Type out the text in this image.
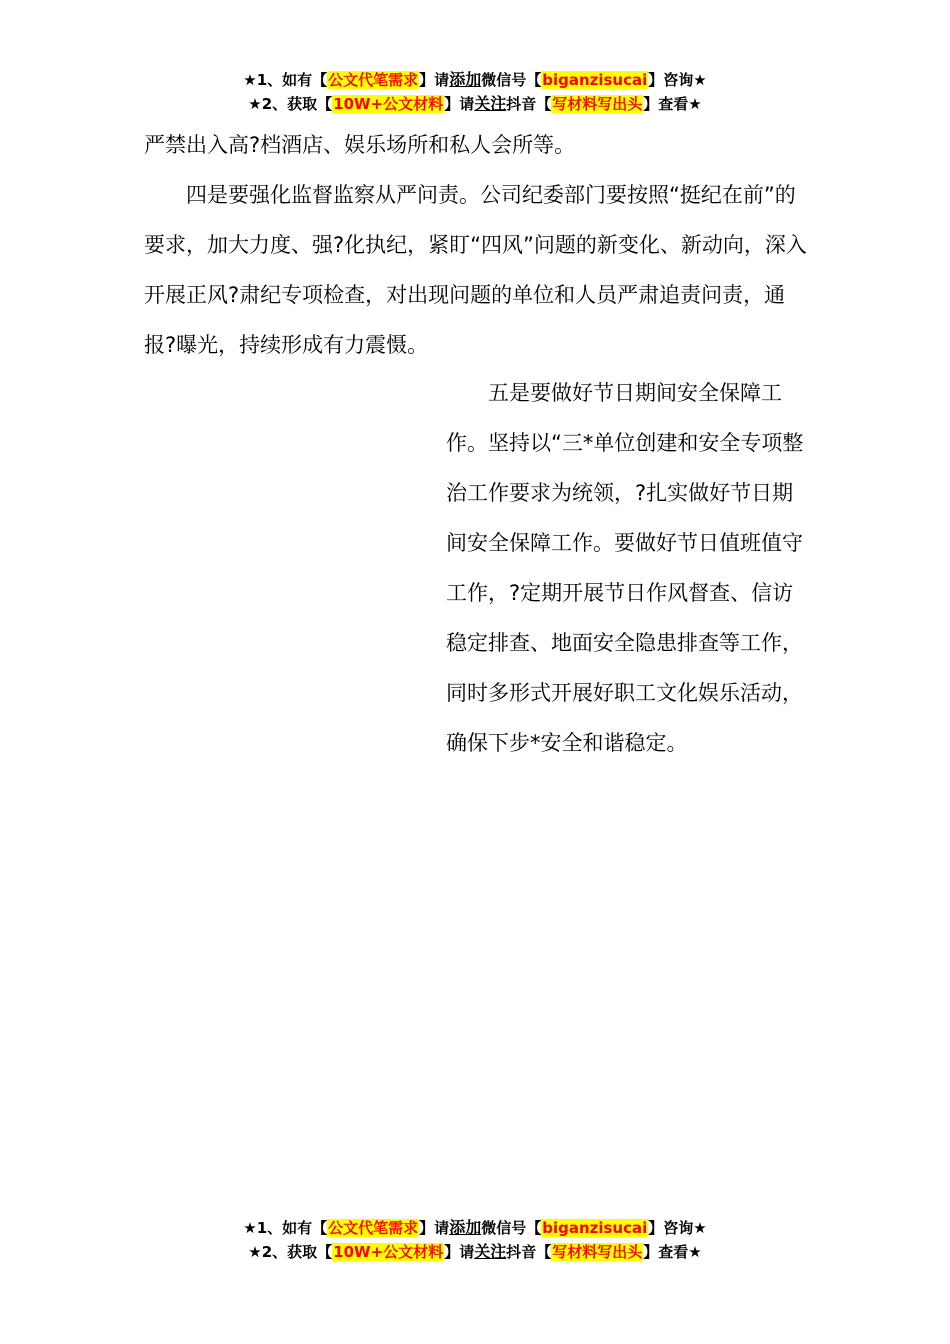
★1、如有【公文代笔需求】请添加微信号【biganzisucai】咨询★
★2、获取【10W+公文材料】请关注抖音【写材料写出头】查看★

严禁出入高?档酒店、娱乐场所和私人会所等。

四是要强化监督监察从严问责。公司纪委部门要按照“挺纪在前”的要求，加大力度、强?化执纪，紧盯“四风”问题的新变化、新动向，深入开展正风?肃纪专项检查，对出现问题的单位和人员严肃追责问责，通报?曝光，持续形成有力震慑。

五是要做好节日期间安全保障工作。坚持以“三*单位创建和安全专项整治工作要求为统领，?扎实做好节日期间安全保障工作。要做好节日值班值守工作，?定期开展节日作风督查、信访稳定排查、地面安全隐患排查等工作，同时多形式开展好职工文化娱乐活动，确保下步*安全和谐稳定。

★1、如有【公文代笔需求】请添加微信号【biganzisucai】咨询★
★2、获取【10W+公文材料】请关注抖音【写材料写出头】查看★
